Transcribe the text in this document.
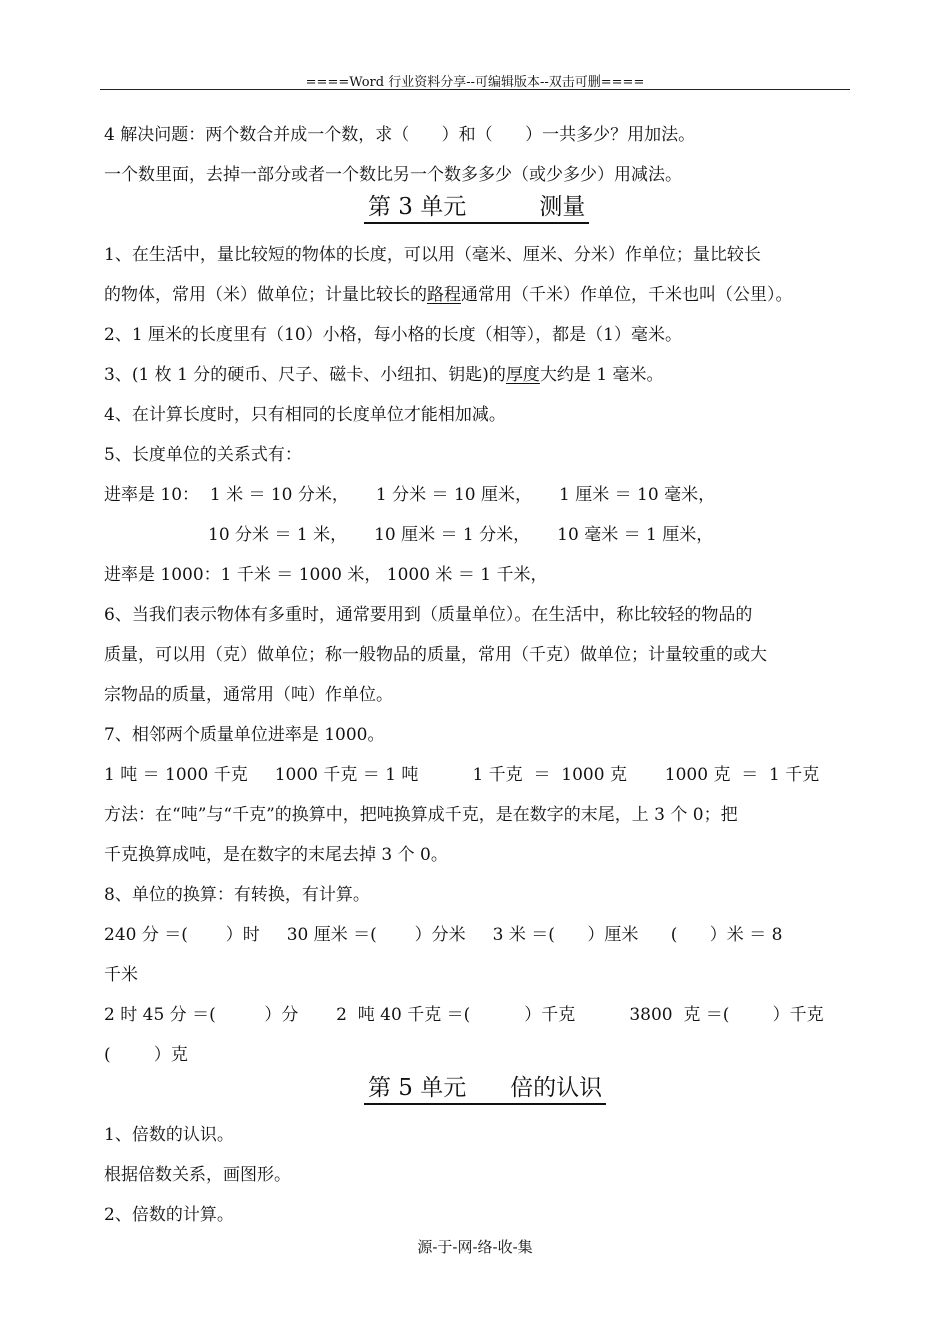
====Word 行业资料分享--可编辑版本--双击可删====
4 解决问题：两个数合并成一个数，求（      ）和（      ）一共多少？用加法。
一个数里面，去掉一部分或者一个数比另一个数多多少（或少多少）用减法。
第 3 单元          测量
1、在生活中，量比较短的物体的长度，可以用（毫米、厘米、分米）作单位；量比较长
的物体，常用（米）做单位；计量比较长的路程通常用（千米）作单位，千米也叫（公里）。
2、1 厘米的长度里有（10）小格，每小格的长度（相等），都是（1）毫米。
3、(1 枚 1 分的硬币、尺子、磁卡、小纽扣、钥匙)的厚度大约是 1 毫米。
4、在计算长度时，只有相同的长度单位才能相加减。
5、长度单位的关系式有：
进率是 10：  1 米 ＝ 10 分米，     1 分米 ＝ 10 厘米，     1 厘米 ＝ 10 毫米，
10 分米 ＝ 1 米，     10 厘米 ＝ 1 分米，     10 毫米 ＝ 1 厘米，
进率是 1000：1 千米 ＝ 1000 米， 1000 米 ＝ 1 千米，
6、当我们表示物体有多重时，通常要用到（质量单位）。在生活中，称比较轻的物品的
质量，可以用（克）做单位；称一般物品的质量，常用（千克）做单位；计量较重的或大
宗物品的质量，通常用（吨）作单位。
7、相邻两个质量单位进率是 1000。
1 吨 ＝ 1000 千克     1000 千克 ＝ 1 吨          1 千克  ＝  1000 克       1000 克  ＝  1 千克
方法：在“吨”与“千克”的换算中，把吨换算成千克，是在数字的末尾，上 3 个 0；把
千克换算成吨，是在数字的末尾去掉 3 个 0。
8、单位的换算：有转换，有计算。
240 分 ＝(       ）时     30 厘米 ＝(       ）分米     3 米 ＝(      ）厘米      (      ）米 ＝ 8
千米
2 时 45 分 ＝(         ）分       2  吨 40 千克 ＝(          ）千克          3800  克 ＝(        ）千克
(        ）克
第 5 单元      倍的认识
1、倍数的认识。
根据倍数关系，画图形。
2、倍数的计算。
源-于-网-络-收-集
